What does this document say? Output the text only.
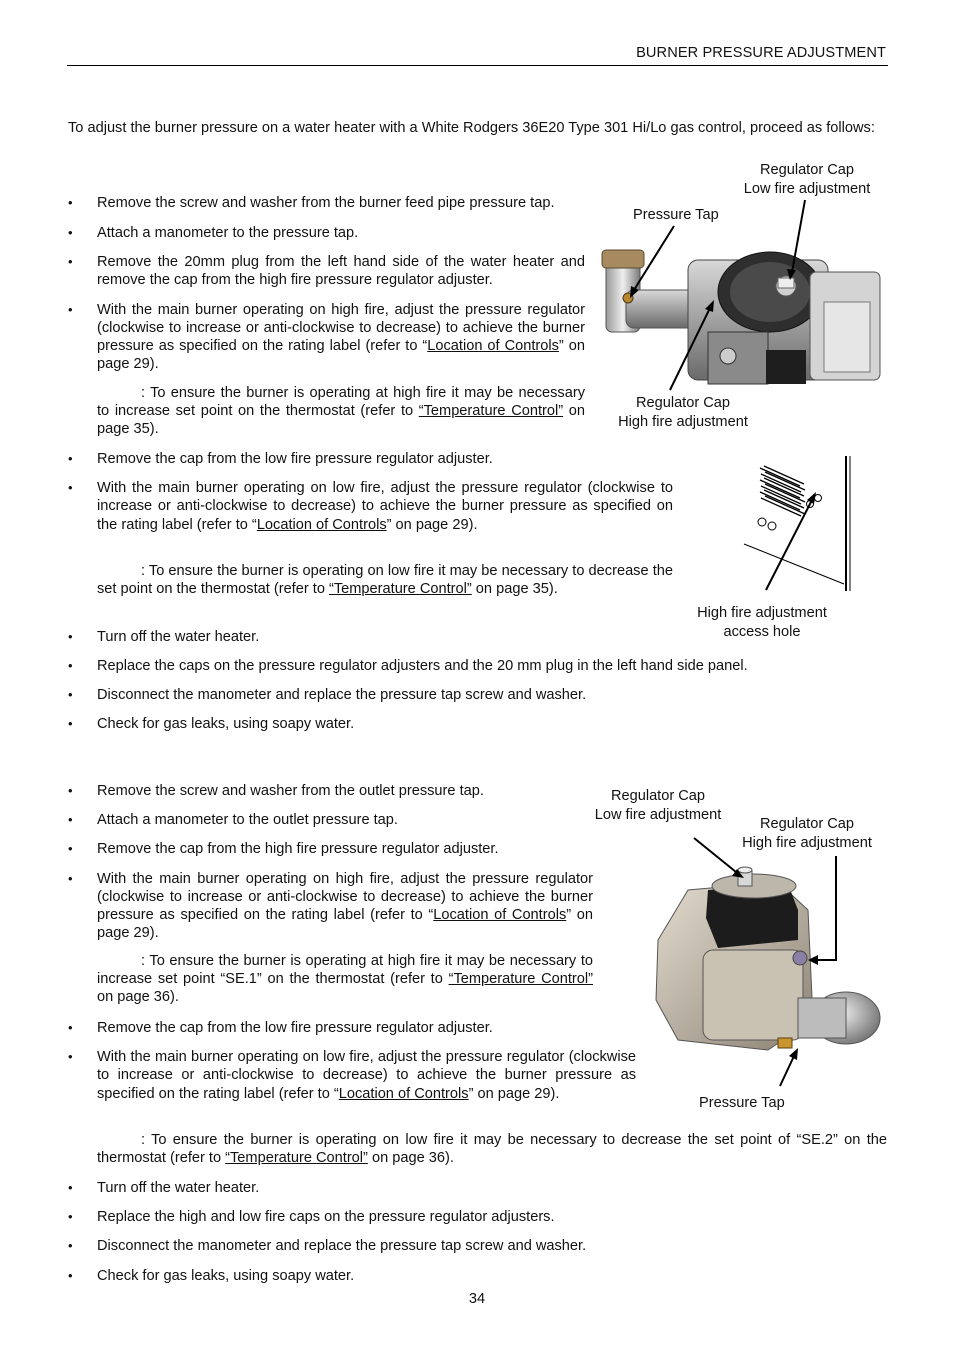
BURNER PRESSURE ADJUSTMENT
To adjust the burner pressure on a water heater with a White Rodgers 36E20 Type 301 Hi/Lo gas control, proceed as follows:
• Remove the screw and washer from the burner feed pipe pressure tap.
• Attach a manometer to the pressure tap.
• Remove the 20mm plug from the left hand side of the water heater and remove the cap from the high fire pressure regulator adjuster.
• With the main burner operating on high fire, adjust the pressure regulator (clockwise to increase or anti-clockwise to decrease) to achieve the burner pressure as specified on the rating label (refer to “Location of Controls” on page 29).
: To ensure the burner is operating at high fire it may be necessary to increase set point on the thermostat (refer to “Temperature Control” on page 35).
• Remove the cap from the low fire pressure regulator adjuster.
• With the main burner operating on low fire, adjust the pressure regulator (clockwise to increase or anti-clockwise to decrease) to achieve the burner pressure as specified on the rating label (refer to “Location of Controls” on page 29).
: To ensure the burner is operating on low fire it may be necessary to decrease the set point on the thermostat (refer to “Temperature Control” on page 35).
• Turn off the water heater.
• Replace the caps on the pressure regulator adjusters and the 20 mm plug in the left hand side panel.
• Disconnect the manometer and replace the pressure tap screw and washer.
• Check for gas leaks, using soapy water.
Regulator Cap
Low fire adjustment
Pressure Tap
Regulator Cap
High fire adjustment
High fire adjustment
access hole
• Remove the screw and washer from the outlet pressure tap.
• Attach a manometer to the outlet pressure tap.
• Remove the cap from the high fire pressure regulator adjuster.
• With the main burner operating on high fire, adjust the pressure regulator (clockwise to increase or anti-clockwise to decrease) to achieve the burner pressure as specified on the rating label (refer to “Location of Controls” on page 29).
: To ensure the burner is operating at high fire it may be necessary to increase set point “SE.1” on the thermostat (refer to “Temperature Control” on page 36).
• Remove the cap from the low fire pressure regulator adjuster.
• With the main burner operating on low fire, adjust the pressure regulator (clockwise to increase or anti-clockwise to decrease) to achieve the burner pressure as specified on the rating label (refer to “Location of Controls” on page 29).
: To ensure the burner is operating on low fire it may be necessary to decrease the set point of “SE.2” on the thermostat (refer to “Temperature Control” on page 36).
• Turn off the water heater.
• Replace the high and low fire caps on the pressure regulator adjusters.
• Disconnect the manometer and replace the pressure tap screw and washer.
• Check for gas leaks, using soapy water.
Regulator Cap
Low fire adjustment
Regulator Cap
High fire adjustment
Pressure Tap
34
